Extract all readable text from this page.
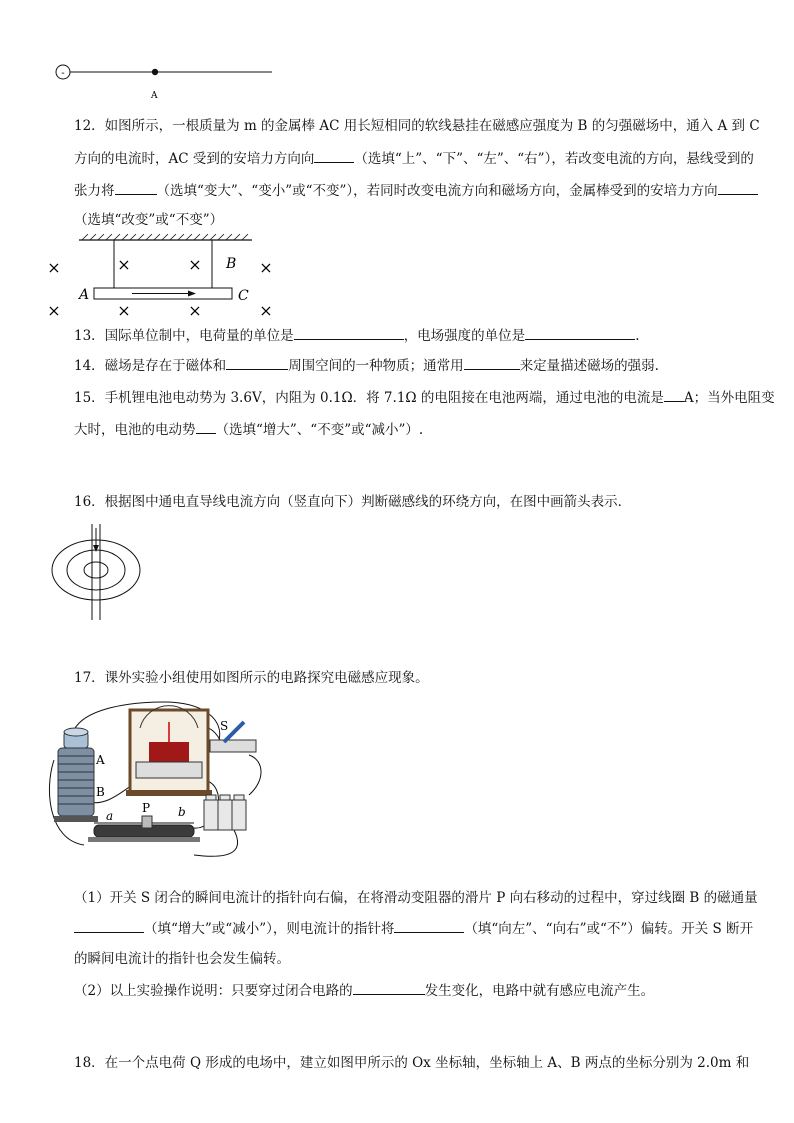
-
A
12．如图所示，一根质量为 m 的金属棒 AC 用长短相同的软线悬挂在磁感应强度为 B 的匀强磁场中，通入 A 到 C
方向的电流时，AC 受到的安培力方向向	（选填“上”、“下”、“左”、“右”），若改变电流的方向，悬线受到的
张力将	（选填“变大”、“变小”或“不变”），若同时改变电流方向和磁场方向，金属棒受到的安培力方向
（选填“改变”或“不变”）
×	×	×	×
×	×	×	×
B
A	C
13．国际单位制中，电荷量的单位是	，电场强度的单位是	.
14．磁场是存在于磁体和	周围空间的一种物质；通常用	来定量描述磁场的强弱.
15．手机锂电池电动势为 3.6V，内阻为 0.1Ω．将 7.1Ω 的电阻接在电池两端，通过电池的电流是 A；当外电阻变
大时，电池的电动势 （选填“增大”、“不变”或“减小”）.
16．根据图中通电直导线电流方向（竖直向下）判断磁感线的环绕方向，在图中画箭头表示．
17．课外实验小组使用如图所示的电路探究电磁感应现象。
A
B
S
P
a	b
（1）开关 S 闭合的瞬间电流计的指针向右偏，在将滑动变阻器的滑片 P 向右移动的过程中，穿过线圈 B 的磁通量
（填“增大”或“减小”），则电流计的指针将	（填“向左”、“向右”或“不”）偏转。开关 S 断开
的瞬间电流计的指针也会发生偏转。
（2）以上实验操作说明：只要穿过闭合电路的	发生变化，电路中就有感应电流产生。
18．在一个点电荷 Q 形成的电场中，建立如图甲所示的 Ox 坐标轴，坐标轴上 A、B 两点的坐标分别为 2.0m 和
